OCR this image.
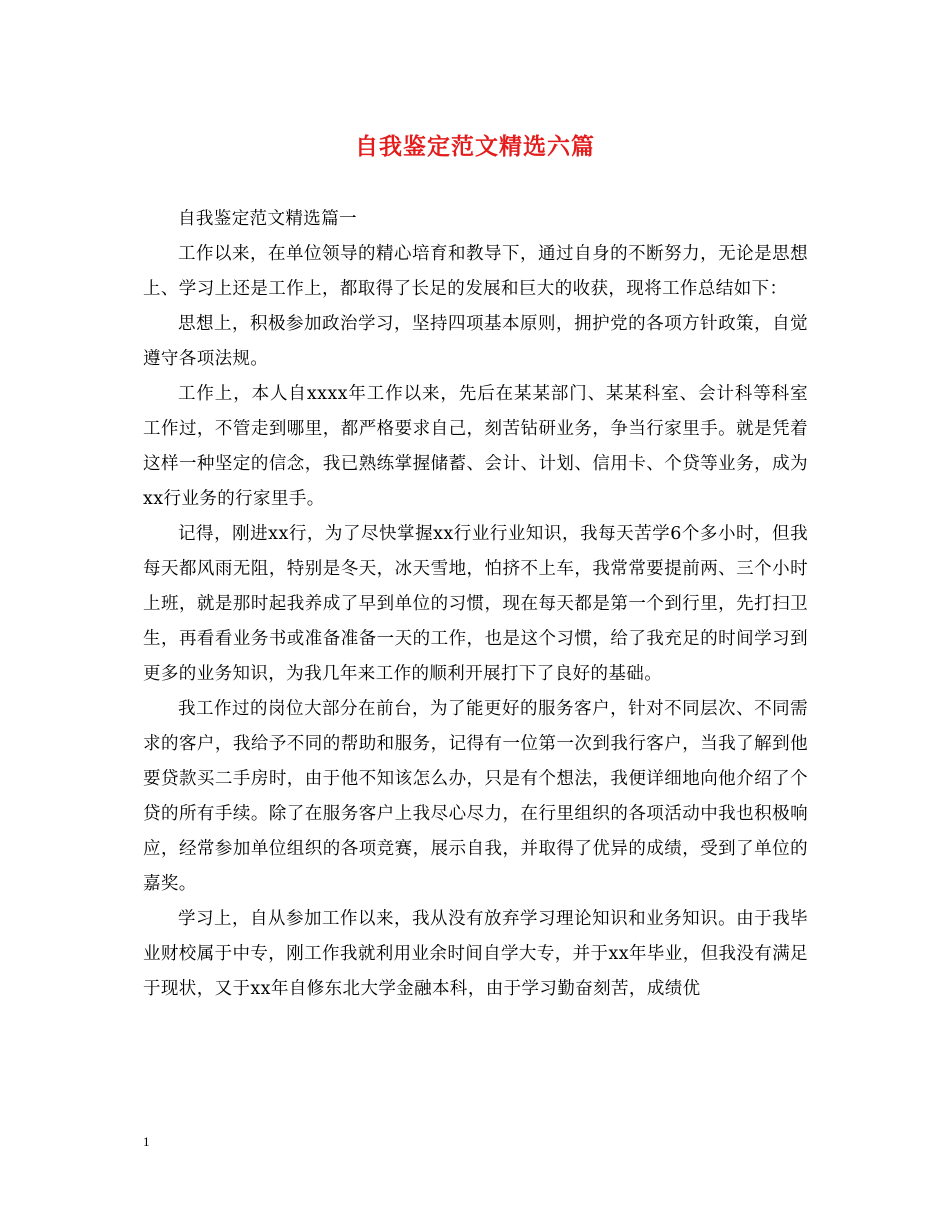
自我鉴定范文精选六篇

自我鉴定范文精选篇一

工作以来，在单位领导的精心培育和教导下，通过自身的不断努力，无论是思想上、学习上还是工作上，都取得了长足的发展和巨大的收获，现将工作总结如下：

思想上，积极参加政治学习，坚持四项基本原则，拥护党的各项方针政策，自觉遵守各项法规。

工作上，本人自xxxx年工作以来，先后在某某部门、某某科室、会计科等科室工作过，不管走到哪里，都严格要求自己，刻苦钻研业务，争当行家里手。就是凭着这样一种坚定的信念，我已熟练掌握储蓄、会计、计划、信用卡、个贷等业务，成为xx行业务的行家里手。

记得，刚进xx行，为了尽快掌握xx行业行业知识，我每天苦学6个多小时，但我每天都风雨无阻，特别是冬天，冰天雪地，怕挤不上车，我常常要提前两、三个小时上班，就是那时起我养成了早到单位的习惯，现在每天都是第一个到行里，先打扫卫生，再看看业务书或准备准备一天的工作，也是这个习惯，给了我充足的时间学习到更多的业务知识，为我几年来工作的顺利开展打下了良好的基础。

我工作过的岗位大部分在前台，为了能更好的服务客户，针对不同层次、不同需求的客户，我给予不同的帮助和服务，记得有一位第一次到我行客户，当我了解到他要贷款买二手房时，由于他不知该怎么办，只是有个想法，我便详细地向他介绍了个贷的所有手续。除了在服务客户上我尽心尽力，在行里组织的各项活动中我也积极响应，经常参加单位组织的各项竞赛，展示自我，并取得了优异的成绩，受到了单位的嘉奖。

学习上，自从参加工作以来，我从没有放弃学习理论知识和业务知识。由于我毕业财校属于中专，刚工作我就利用业余时间自学大专，并于xx年毕业，但我没有满足于现状，又于xx年自修东北大学金融本科，由于学习勤奋刻苦，成绩优

1
